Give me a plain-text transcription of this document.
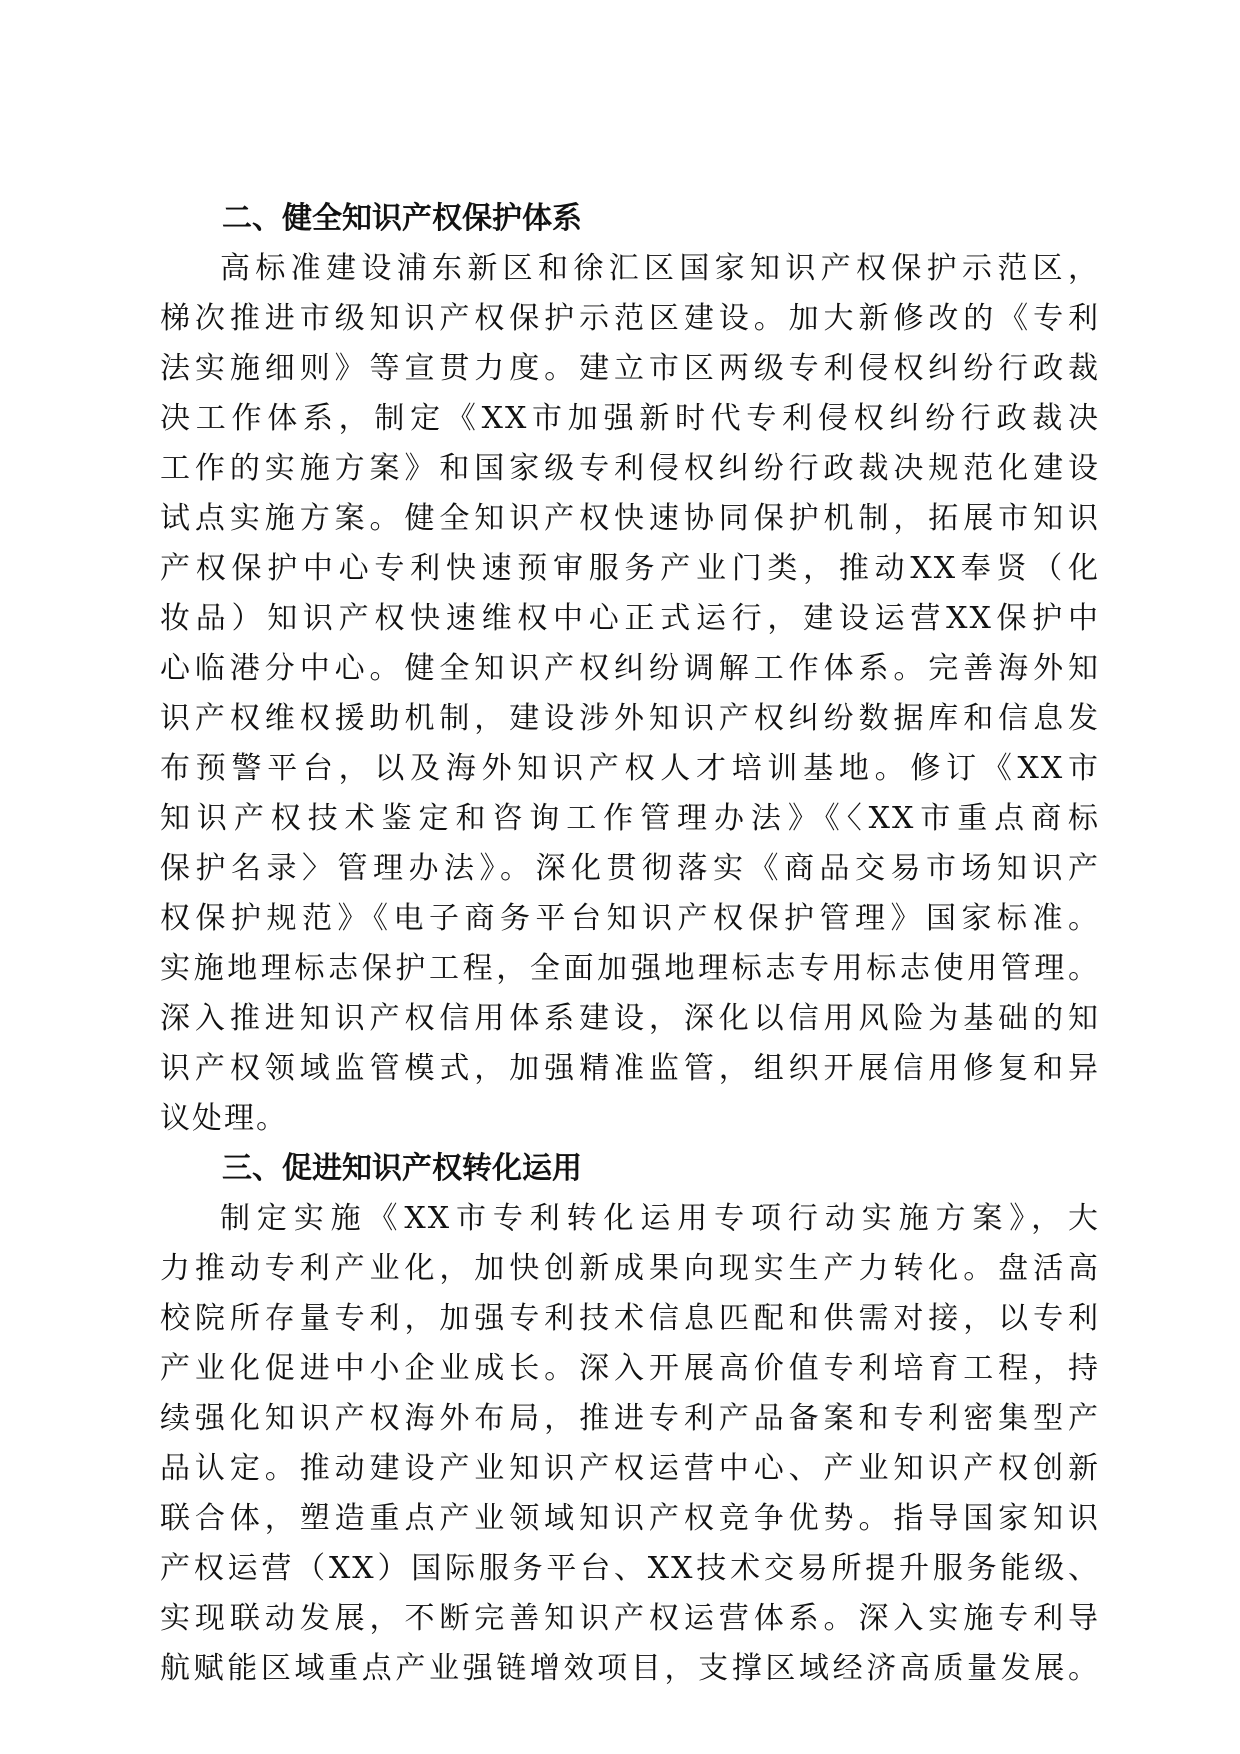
二、健全知识产权保护体系
高标准建设浦东新区和徐汇区国家知识产权保护示范区，
梯次推进市级知识产权保护示范区建设。加大新修改的《专利
法实施细则》等宣贯力度。建立市区两级专利侵权纠纷行政裁
决工作体系，制定《XX市加强新时代专利侵权纠纷行政裁决
工作的实施方案》和国家级专利侵权纠纷行政裁决规范化建设
试点实施方案。健全知识产权快速协同保护机制，拓展市知识
产权保护中心专利快速预审服务产业门类，推动XX奉贤（化
妆品）知识产权快速维权中心正式运行，建设运营XX保护中
心临港分中心。健全知识产权纠纷调解工作体系。完善海外知
识产权维权援助机制，建设涉外知识产权纠纷数据库和信息发
布预警平台，以及海外知识产权人才培训基地。修订《XX市
知识产权技术鉴定和咨询工作管理办法》《〈XX市重点商标
保护名录〉管理办法》。深化贯彻落实《商品交易市场知识产
权保护规范》《电子商务平台知识产权保护管理》国家标准。
实施地理标志保护工程，全面加强地理标志专用标志使用管理。
深入推进知识产权信用体系建设，深化以信用风险为基础的知
识产权领域监管模式，加强精准监管，组织开展信用修复和异
议处理。
三、促进知识产权转化运用
制定实施《XX市专利转化运用专项行动实施方案》，大
力推动专利产业化，加快创新成果向现实生产力转化。盘活高
校院所存量专利，加强专利技术信息匹配和供需对接，以专利
产业化促进中小企业成长。深入开展高价值专利培育工程，持
续强化知识产权海外布局，推进专利产品备案和专利密集型产
品认定。推动建设产业知识产权运营中心、产业知识产权创新
联合体，塑造重点产业领域知识产权竞争优势。指导国家知识
产权运营（XX）国际服务平台、XX技术交易所提升服务能级、
实现联动发展，不断完善知识产权运营体系。深入实施专利导
航赋能区域重点产业强链增效项目，支撑区域经济高质量发展。
